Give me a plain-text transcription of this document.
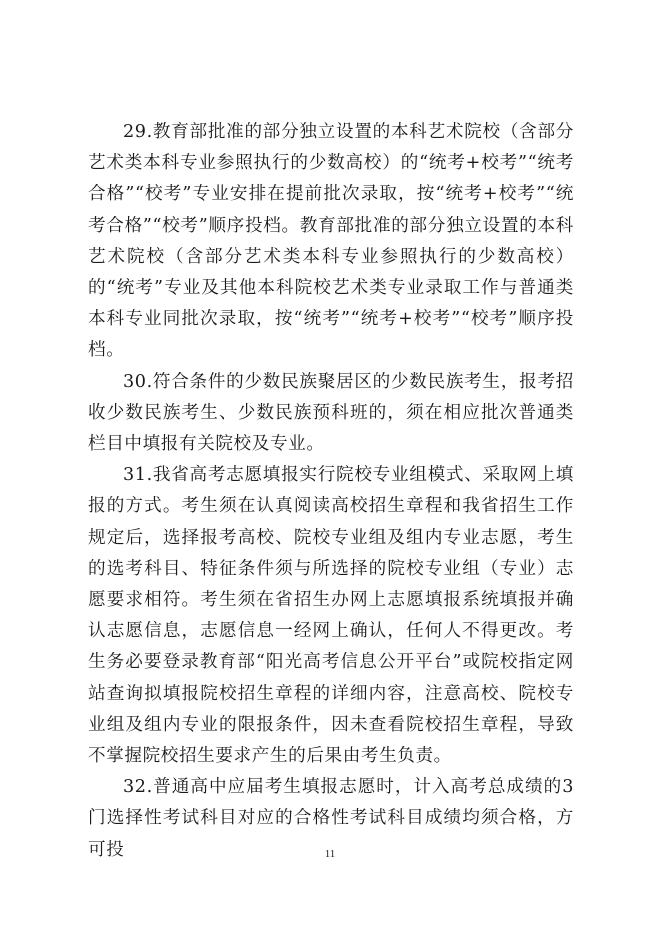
29.教育部批准的部分独立设置的本科艺术院校（含部分艺术类本科专业参照执行的少数高校）的“统考+校考”“统考合格”“校考”专业安排在提前批次录取，按“统考+校考”“统考合格”“校考”顺序投档。教育部批准的部分独立设置的本科艺术院校（含部分艺术类本科专业参照执行的少数高校）的“统考”专业及其他本科院校艺术类专业录取工作与普通类本科专业同批次录取，按“统考”“统考+校考”“校考”顺序投档。

30.符合条件的少数民族聚居区的少数民族考生，报考招收少数民族考生、少数民族预科班的，须在相应批次普通类栏目中填报有关院校及专业。

31.我省高考志愿填报实行院校专业组模式、采取网上填报的方式。考生须在认真阅读高校招生章程和我省招生工作规定后，选择报考高校、院校专业组及组内专业志愿，考生的选考科目、特征条件须与所选择的院校专业组（专业）志愿要求相符。考生须在省招生办网上志愿填报系统填报并确认志愿信息，志愿信息一经网上确认，任何人不得更改。考生务必要登录教育部“阳光高考信息公开平台”或院校指定网站查询拟填报院校招生章程的详细内容，注意高校、院校专业组及组内专业的限报条件，因未查看院校招生章程，导致不掌握院校招生要求产生的后果由考生负责。

32.普通高中应届考生填报志愿时，计入高考总成绩的3门选择性考试科目对应的合格性考试科目成绩均须合格，方可投	11
